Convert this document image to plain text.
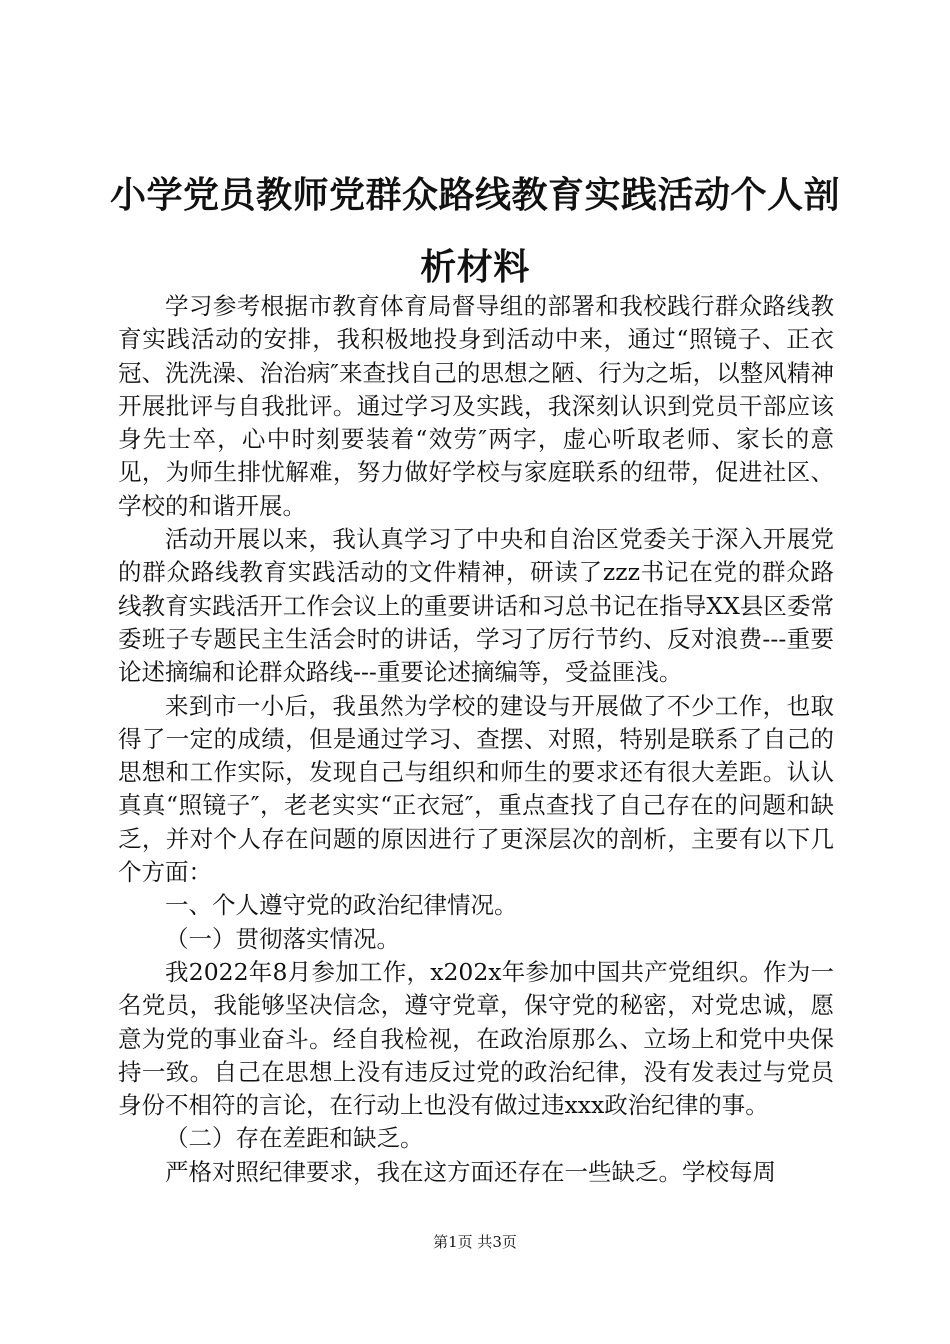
小学党员教师党群众路线教育实践活动个人剖析材料

学习参考根据市教育体育局督导组的部署和我校践行群众路线教育实践活动的安排，我积极地投身到活动中来，通过“照镜子、正衣冠、洗洗澡、治治病″来查找自己的思想之陋、行为之垢，以整风精神开展批评与自我批评。通过学习及实践，我深刻认识到党员干部应该身先士卒，心中时刻要装着“效劳″两字，虚心听取老师、家长的意见，为师生排忧解难，努力做好学校与家庭联系的纽带，促进社区、学校的和谐开展。

活动开展以来，我认真学习了中央和自治区党委关于深入开展党的群众路线教育实践活动的文件精神，研读了zzz书记在党的群众路线教育实践活开工作会议上的重要讲话和习总书记在指导XX县区委常委班子专题民主生活会时的讲话，学习了厉行节约、反对浪费---重要论述摘编和论群众路线---重要论述摘编等，受益匪浅。

来到市一小后，我虽然为学校的建设与开展做了不少工作，也取得了一定的成绩，但是通过学习、查摆、对照，特别是联系了自己的思想和工作实际，发现自己与组织和师生的要求还有很大差距。认认真真“照镜子″，老老实实“正衣冠″，重点查找了自己存在的问题和缺乏，并对个人存在问题的原因进行了更深层次的剖析，主要有以下几个方面：

一、个人遵守党的政治纪律情况。

（一）贯彻落实情况。

我2022年8月参加工作，x202x年参加中国共产党组织。作为一名党员，我能够坚决信念，遵守党章，保守党的秘密，对党忠诚，愿意为党的事业奋斗。经自我检视，在政治原那么、立场上和党中央保持一致。自己在思想上没有违反过党的政治纪律，没有发表过与党员身份不相符的言论，在行动上也没有做过违xxx政治纪律的事。

（二）存在差距和缺乏。

严格对照纪律要求，我在这方面还存在一些缺乏。学校每周

第1页 共3页
